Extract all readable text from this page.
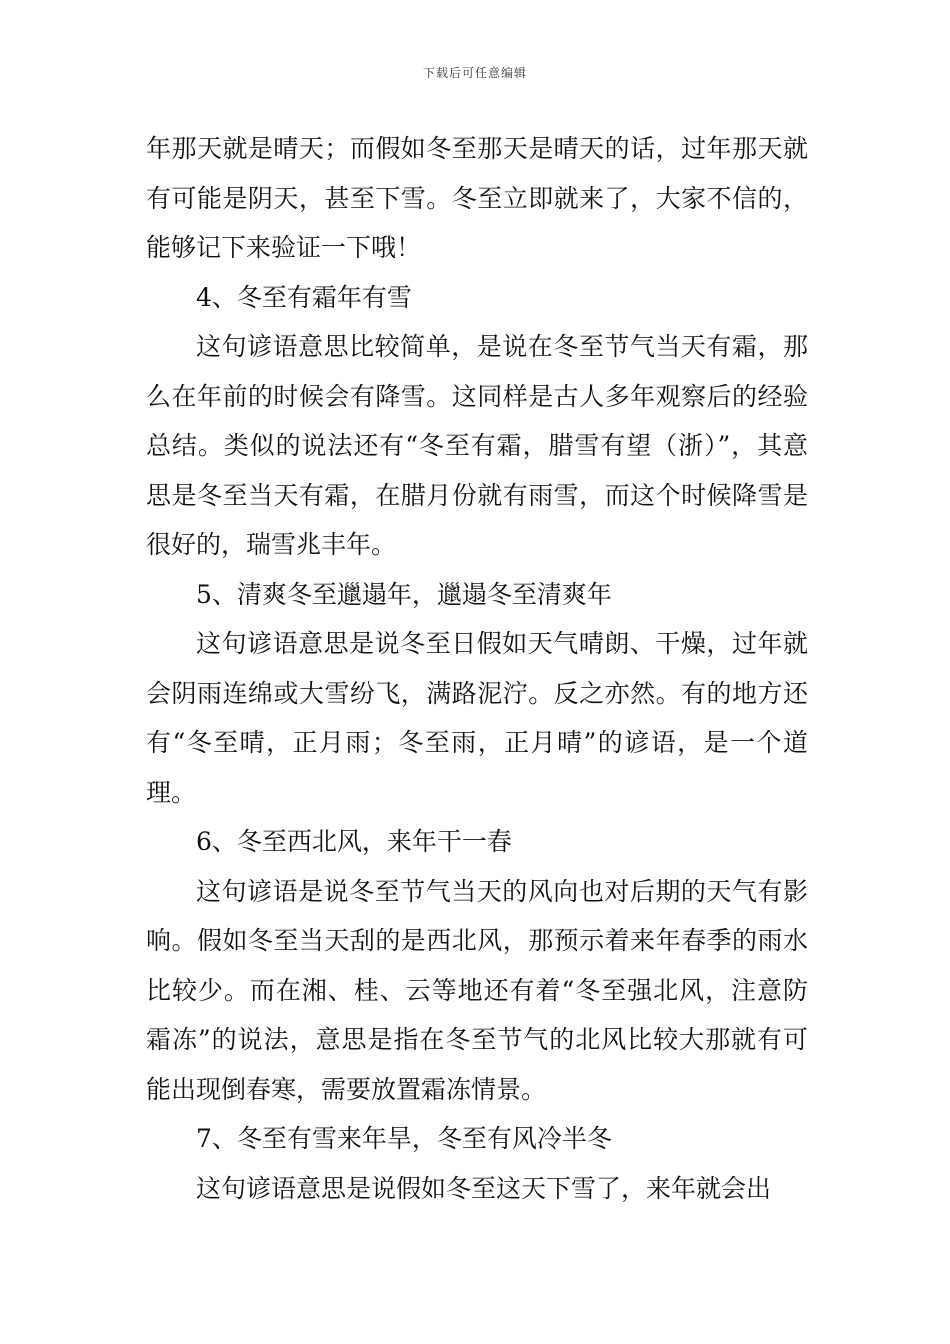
下载后可任意编辑

年那天就是晴天；而假如冬至那天是晴天的话，过年那天就有可能是阴天，甚至下雪。冬至立即就来了，大家不信的，能够记下来验证一下哦！

4、冬至有霜年有雪

这句谚语意思比较简单，是说在冬至节气当天有霜，那么在年前的时候会有降雪。这同样是古人多年观察后的经验总结。类似的说法还有“冬至有霜，腊雪有望（浙）”，其意思是冬至当天有霜，在腊月份就有雨雪，而这个时候降雪是很好的，瑞雪兆丰年。

5、清爽冬至邋遢年，邋遢冬至清爽年

这句谚语意思是说冬至日假如天气晴朗、干燥，过年就会阴雨连绵或大雪纷飞，满路泥泞。反之亦然。有的地方还有“冬至晴，正月雨；冬至雨，正月晴”的谚语，是一个道理。

6、冬至西北风，来年干一春

这句谚语是说冬至节气当天的风向也对后期的天气有影响。假如冬至当天刮的是西北风，那预示着来年春季的雨水比较少。而在湘、桂、云等地还有着“冬至强北风，注意防霜冻”的说法，意思是指在冬至节气的北风比较大那就有可能出现倒春寒，需要放置霜冻情景。

7、冬至有雪来年旱，冬至有风冷半冬

这句谚语意思是说假如冬至这天下雪了，来年就会出
